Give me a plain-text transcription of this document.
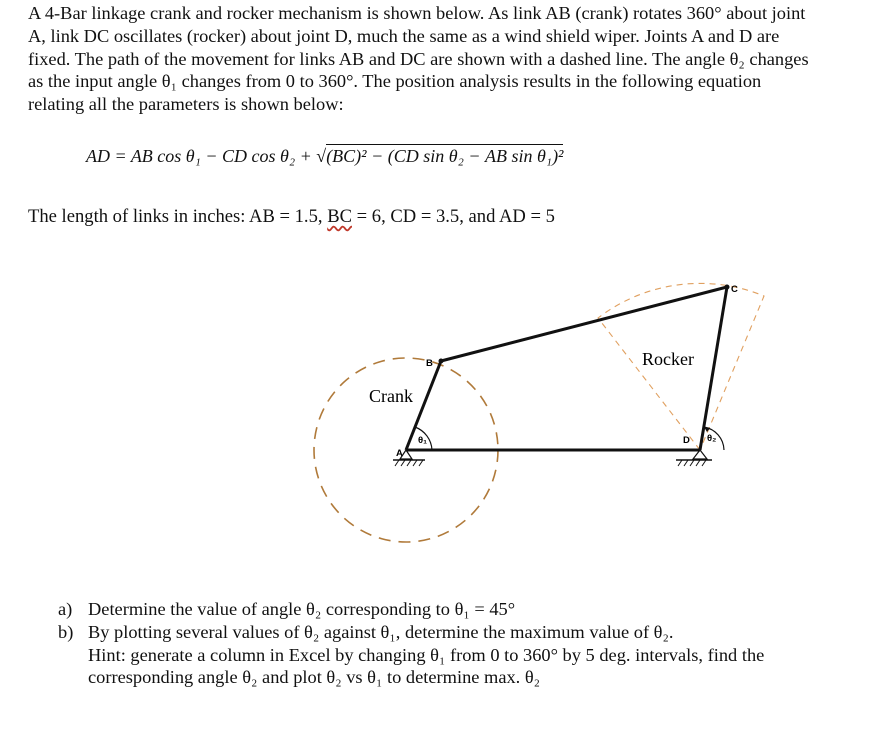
A 4-Bar linkage crank and rocker mechanism is shown below. As link AB (crank) rotates 360° about joint

A, link DC oscillates (rocker) about joint D, much the same as a wind shield wiper. Joints A and D are

fixed. The path of the movement for links AB and DC are shown with a dashed line. The angle θ₂ changes

as the input angle θ₁ changes from 0 to 360°. The position analysis results in the following equation

relating all the parameters is shown below:

AD = AB cos θ₁ − CD cos θ₂ + √(BC)² − (CD sin θ₂ − AB sin θ₁)²
The length of links in inches: AB = 1.5, BC = 6, CD = 3.5, and AD = 5
Crank
Rocker
A
B
C
D
θ₁	θ₂
a) Determine the value of angle θ₂ corresponding to θ₁ = 45°
b) By plotting several values of θ₂ against θ₁, determine the maximum value of θ₂.
Hint: generate a column in Excel by changing θ₁ from 0 to 360° by 5 deg. intervals, find the
corresponding angle θ₂ and plot θ₂ vs θ₁ to determine max. θ₂
